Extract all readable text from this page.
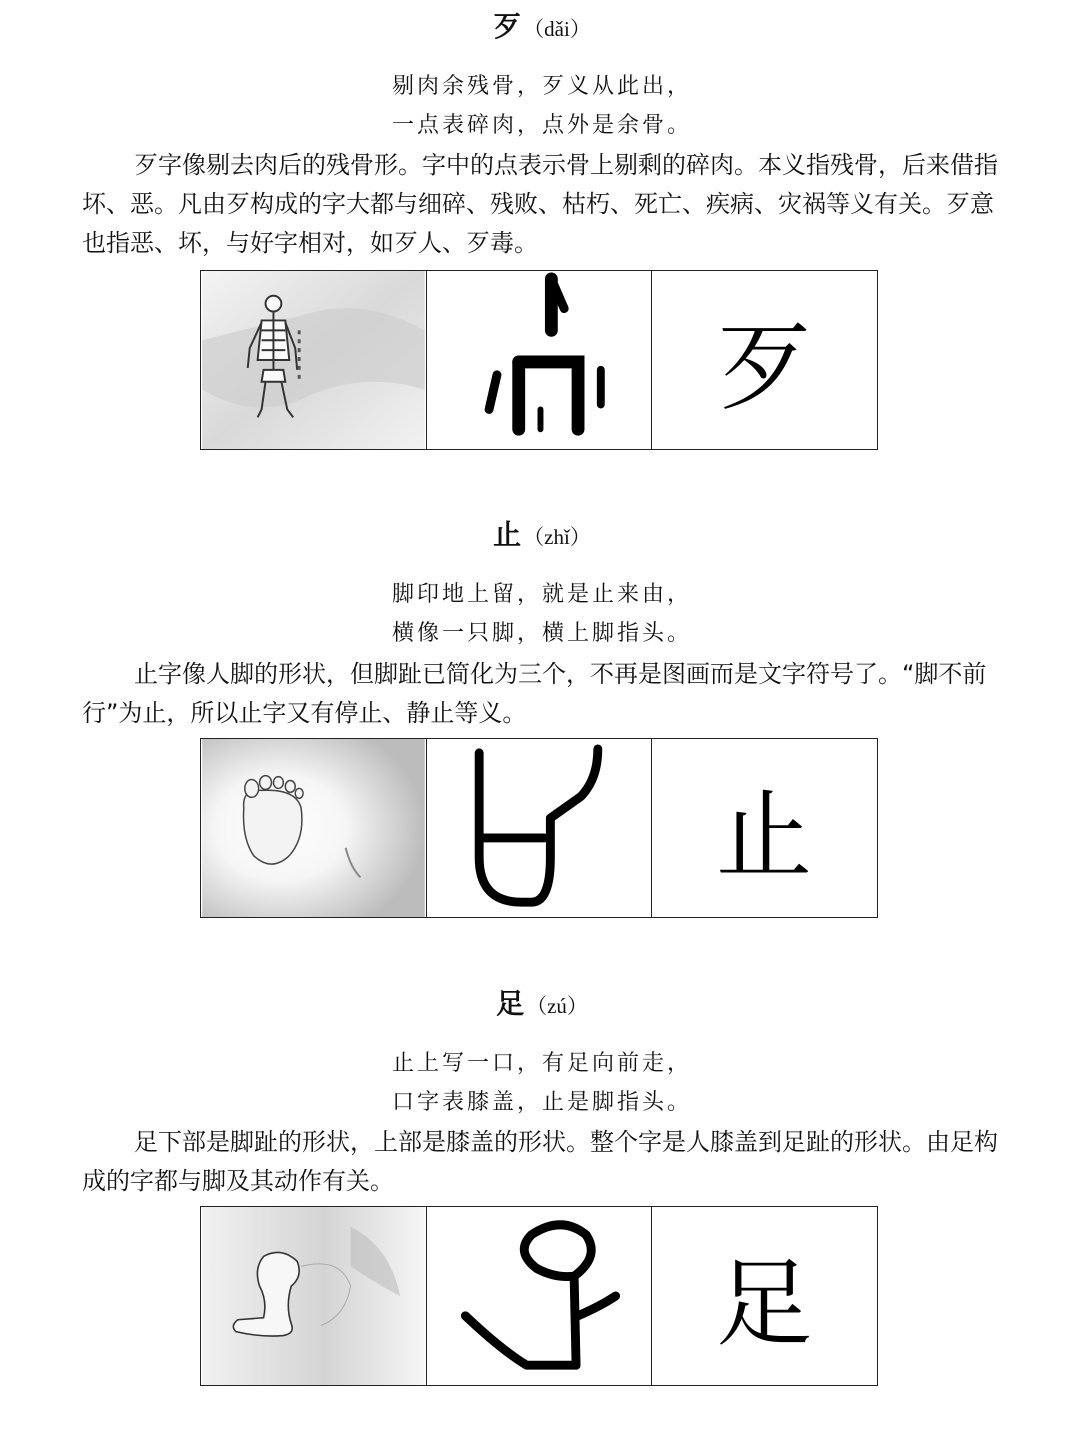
歹（dǎi）
剔肉余残骨，歹义从此出，
一点表碎肉，点外是余骨。

歹字像剔去肉后的残骨形。字中的点表示骨上剔剩的碎肉。本义指残骨，后来借指坏、恶。凡由歹构成的字大都与细碎、残败、枯朽、死亡、疾病、灾祸等义有关。歹意也指恶、坏，与好字相对，如歹人、歹毒。

歹
止（zhǐ）
脚印地上留，就是止来由，
横像一只脚，横上脚指头。

止字像人脚的形状，但脚趾已简化为三个，不再是图画而是文字符号了。“脚不前行”为止，所以止字又有停止、静止等义。

止
足（zú）
止上写一口，有足向前走，
口字表膝盖，止是脚指头。

足下部是脚趾的形状，上部是膝盖的形状。整个字是人膝盖到足趾的形状。由足构成的字都与脚及其动作有关。

足
